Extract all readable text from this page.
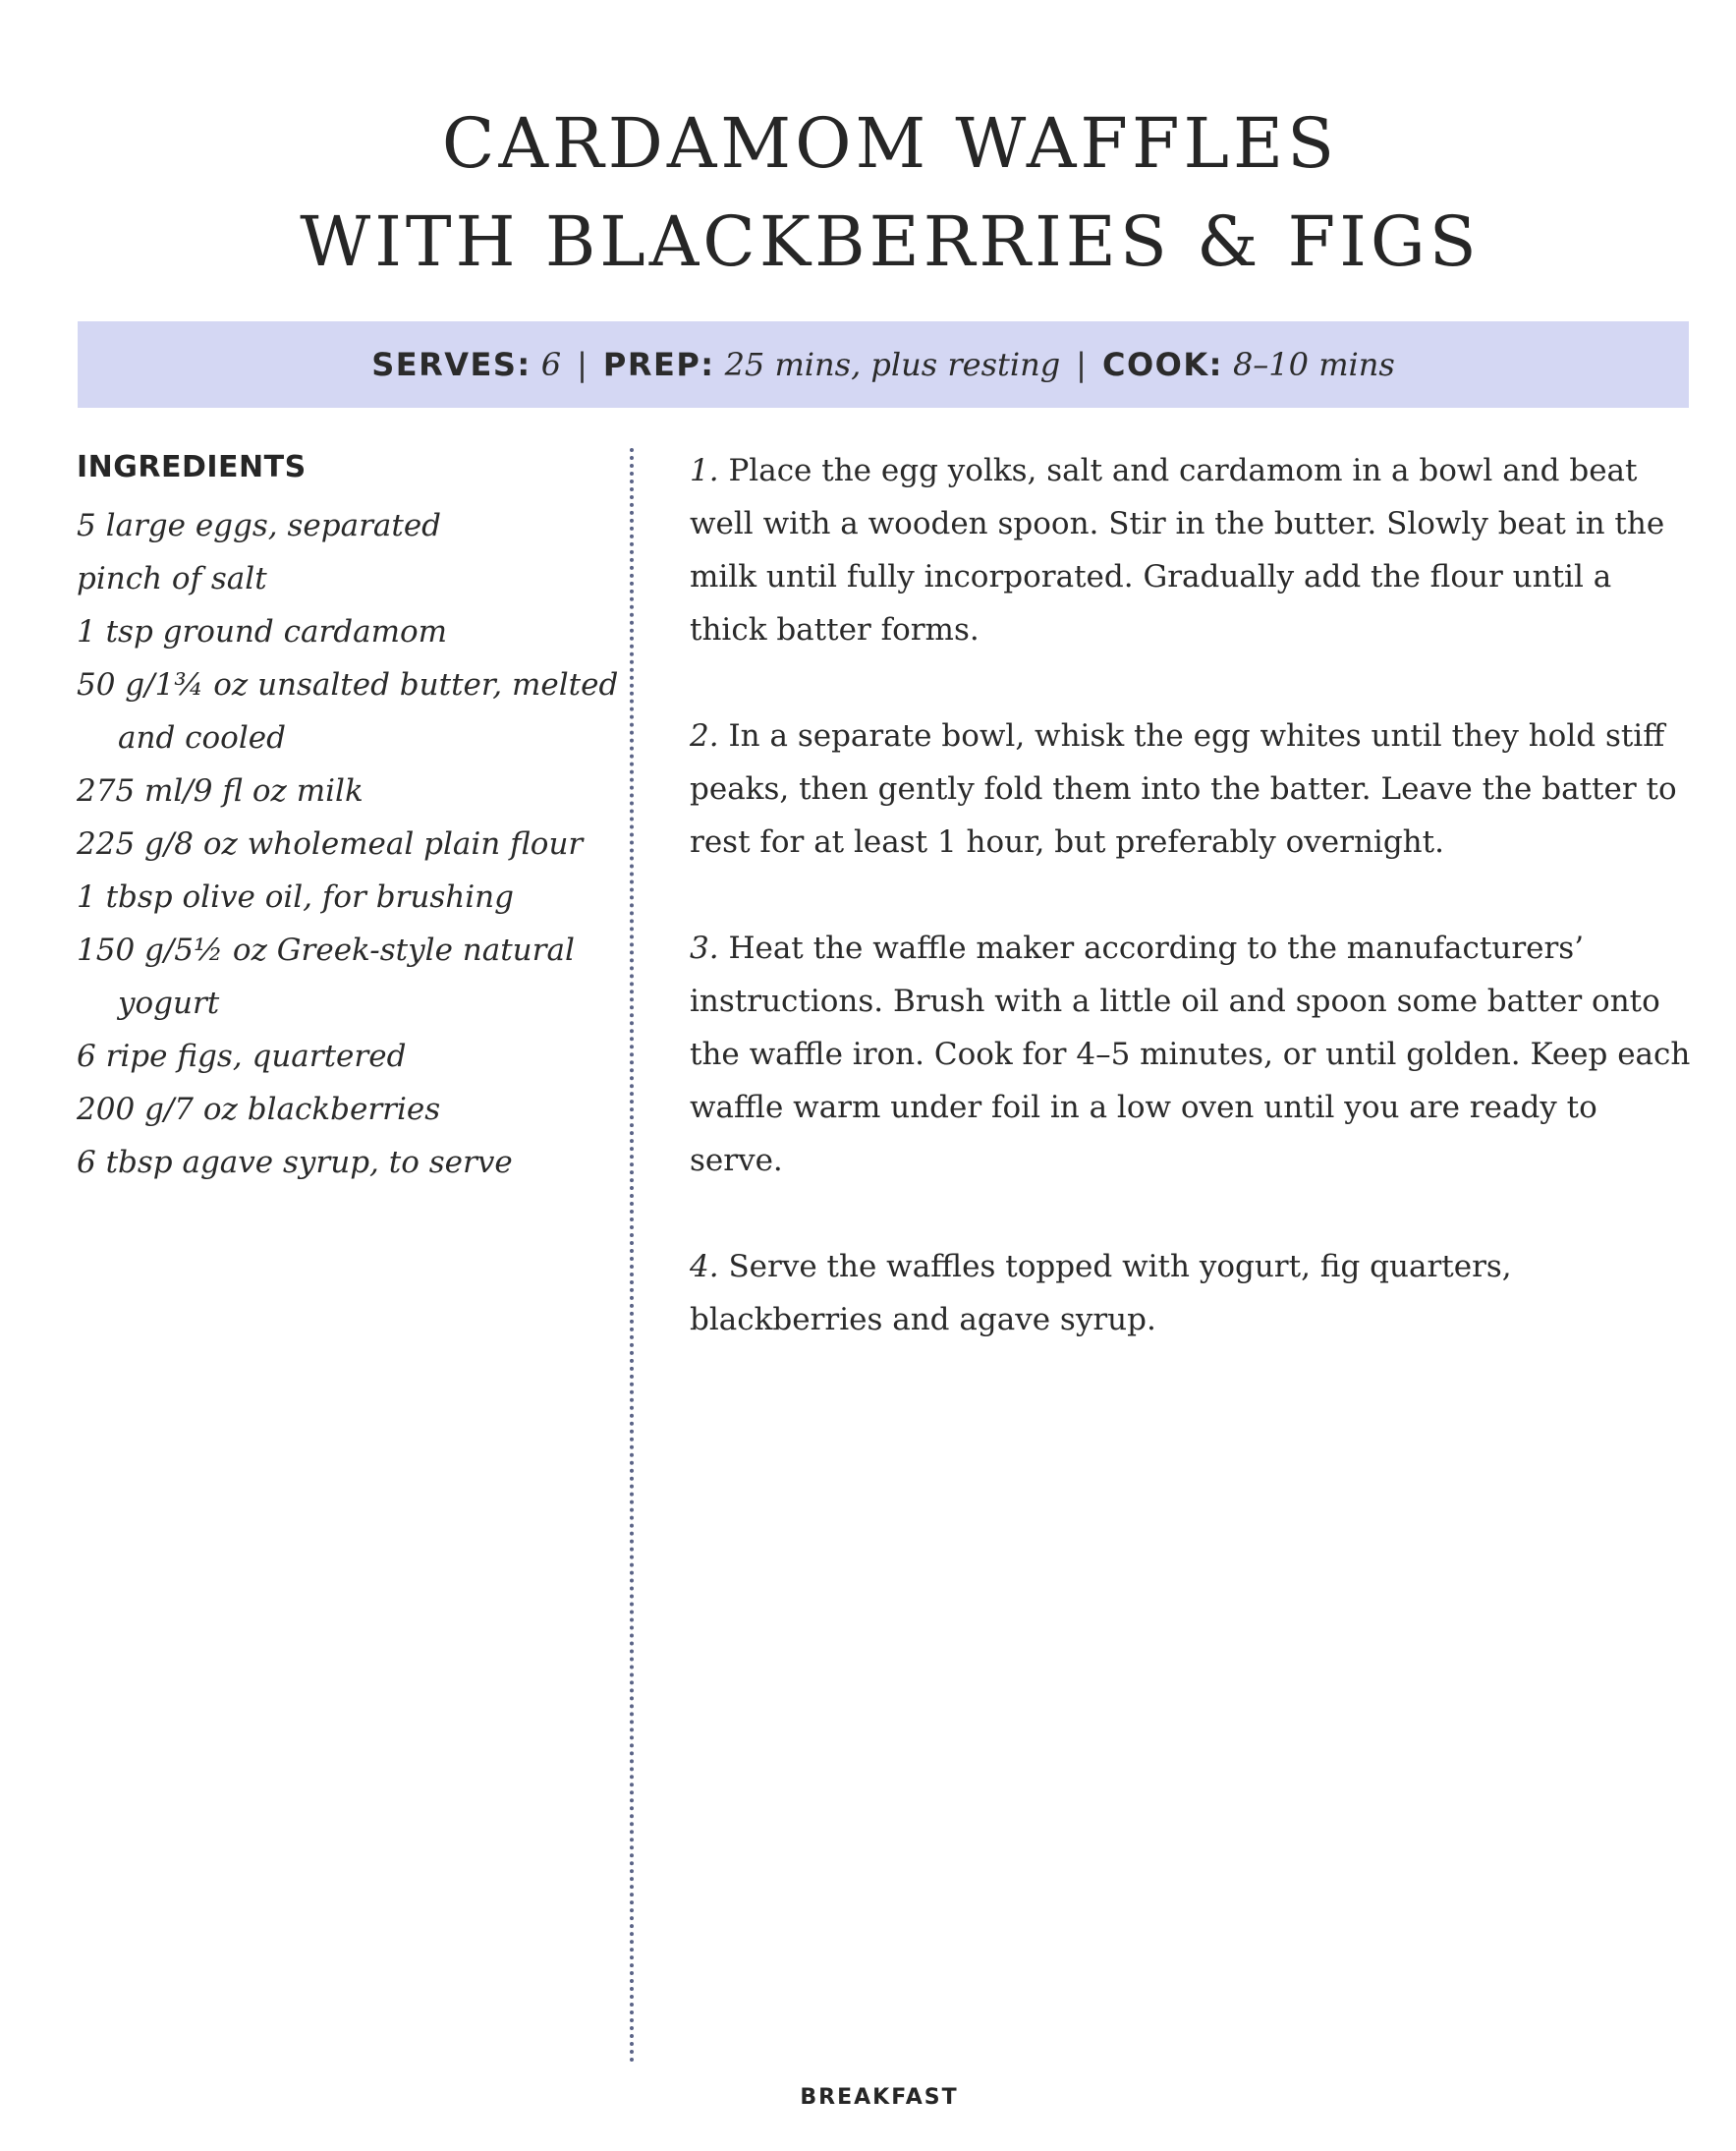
CARDAMOM WAFFLES
WITH BLACKBERRIES & FIGS
SERVES: 6 | PREP: 25 mins, plus resting | COOK: 8–10 mins
INGREDIENTS
5 large eggs, separated
pinch of salt
1 tsp ground cardamom
50 g/1¾ oz unsalted butter, melted and cooled
275 ml/9 fl oz milk
225 g/8 oz wholemeal plain flour
1 tbsp olive oil, for brushing
150 g/5½ oz Greek-style natural yogurt
6 ripe figs, quartered
200 g/7 oz blackberries
6 tbsp agave syrup, to serve

1. Place the egg yolks, salt and cardamom in a bowl and beat well with a wooden spoon. Stir in the butter. Slowly beat in the milk until fully incorporated. Gradually add the flour until a thick batter forms.

2. In a separate bowl, whisk the egg whites until they hold stiff peaks, then gently fold them into the batter. Leave the batter to rest for at least 1 hour, but preferably overnight.

3. Heat the waffle maker according to the manufacturers’ instructions. Brush with a little oil and spoon some batter onto the waffle iron. Cook for 4–5 minutes, or until golden. Keep each waffle warm under foil in a low oven until you are ready to serve.

4. Serve the waffles topped with yogurt, fig quarters, blackberries and agave syrup.

BREAKFAST
